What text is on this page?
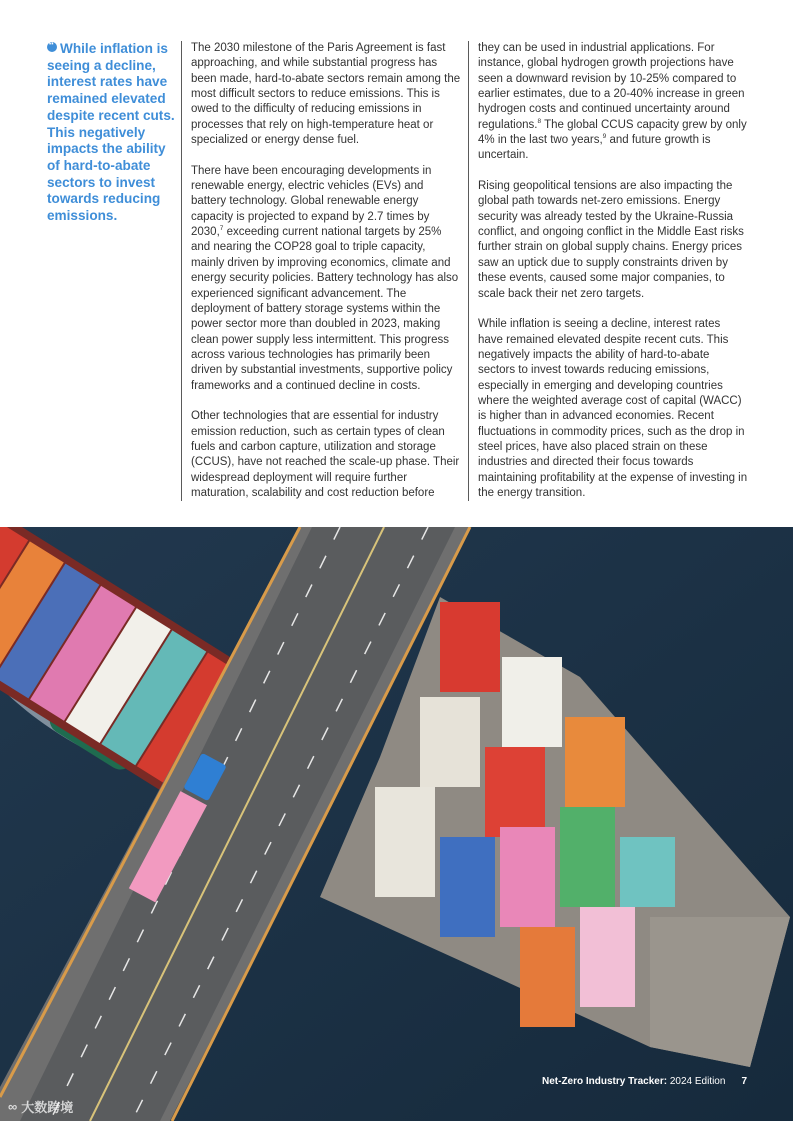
“While inflation is seeing a decline, interest rates have remained elevated despite recent cuts. This negatively impacts the ability of hard-to-abate sectors to invest towards reducing emissions.

The 2030 milestone of the Paris Agreement is fast approaching, and while substantial progress has been made, hard-to-abate sectors remain among the most difficult sectors to reduce emissions. This is owed to the difficulty of reducing emissions in processes that rely on high-temperature heat or specialized or energy dense fuel.

There have been encouraging developments in renewable energy, electric vehicles (EVs) and battery technology. Global renewable energy capacity is projected to expand by 2.7 times by 2030,$^7$ exceeding current national targets by 25% and nearing the COP28 goal to triple capacity, mainly driven by improving economics, climate and energy security policies. Battery technology has also experienced significant advancement. The deployment of battery storage systems within the power sector more than doubled in 2023, making clean power supply less intermittent. This progress across various technologies has primarily been driven by substantial investments, supportive policy frameworks and a continued decline in costs.

Other technologies that are essential for industry emission reduction, such as certain types of clean fuels and carbon capture, utilization and storage (CCUS), have not reached the scale-up phase. Their widespread deployment will require further maturation, scalability and cost reduction before

they can be used in industrial applications. For instance, global hydrogen growth projections have seen a downward revision by 10-25% compared to earlier estimates, due to a 20-40% increase in green hydrogen costs and continued uncertainty around regulations.$^8$ The global CCUS capacity grew by only 4% in the last two years,$^9$ and future growth is uncertain.

Rising geopolitical tensions are also impacting the global path towards net-zero emissions. Energy security was already tested by the Ukraine-Russia conflict, and ongoing conflict in the Middle East risks further strain on global supply chains. Energy prices saw an uptick due to supply constraints driven by these events, caused some major companies, to scale back their net zero targets.

While inflation is seeing a decline, interest rates have remained elevated despite recent cuts. This negatively impacts the ability of hard-to-abate sectors to invest towards reducing emissions, especially in emerging and developing countries where the weighted average cost of capital (WACC) is higher than in advanced economies. Recent fluctuations in commodity prices, such as the drop in steel prices, have also placed strain on these industries and directed their focus towards maintaining profitability at the expense of investing in the energy transition.

Net-Zero Industry Tracker: 2024 Edition 7
∞ 大数跨境
